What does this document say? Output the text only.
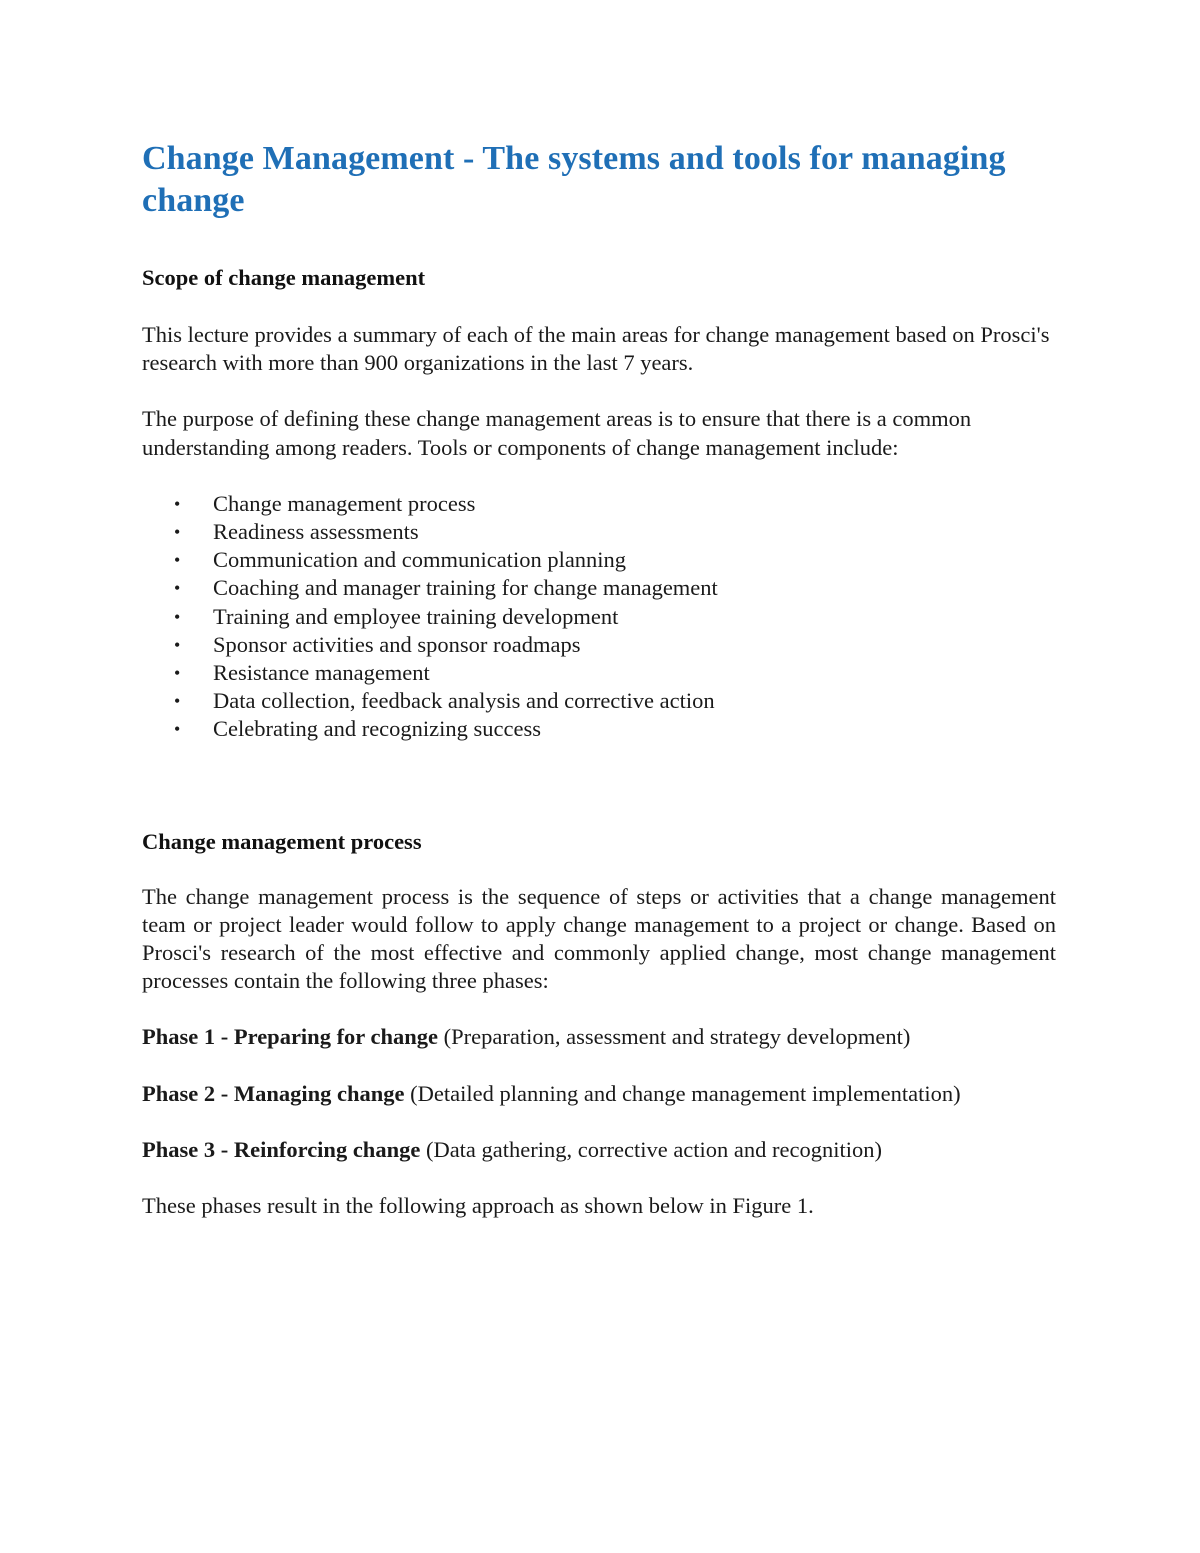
Change Management - The systems and tools for managing change
Scope of change management

This lecture provides a summary of each of the main areas for change management based on Prosci's research with more than 900 organizations in the last 7 years.

The purpose of defining these change management areas is to ensure that there is a common understanding among readers. Tools or components of change management include:

• Change management process
• Readiness assessments
• Communication and communication planning
• Coaching and manager training for change management
• Training and employee training development
• Sponsor activities and sponsor roadmaps
• Resistance management
• Data collection, feedback analysis and corrective action
• Celebrating and recognizing success
Change management process

The change management process is the sequence of steps or activities that a change management team or project leader would follow to apply change management to a project or change. Based on Prosci's research of the most effective and commonly applied change, most change management processes contain the following three phases:

Phase 1 - Preparing for change (Preparation, assessment and strategy development)

Phase 2 - Managing change (Detailed planning and change management implementation)

Phase 3 - Reinforcing change (Data gathering, corrective action and recognition)

These phases result in the following approach as shown below in Figure 1.
